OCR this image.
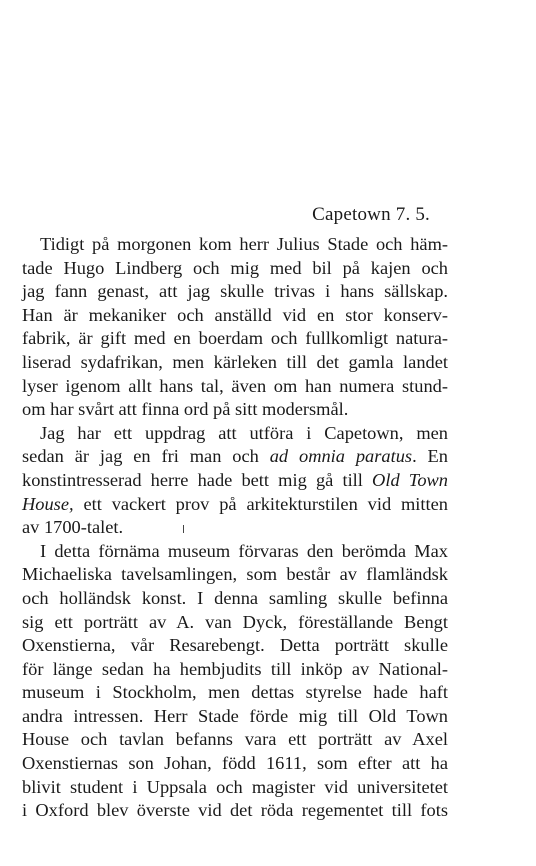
Capetown 7. 5.
Tidigt på morgonen kom herr Julius Stade och häm-
tade Hugo Lindberg och mig med bil på kajen och
jag fann genast, att jag skulle trivas i hans sällskap.
Han är mekaniker och anställd vid en stor konserv-
fabrik, är gift med en boerdam och fullkomligt natura-
liserad sydafrikan, men kärleken till det gamla landet
lyser igenom allt hans tal, även om han numera stund-
om har svårt att finna ord på sitt modersmål.
Jag har ett uppdrag att utföra i Capetown, men
sedan är jag en fri man och ad omnia paratus. En
konstintresserad herre hade bett mig gå till Old Town
House, ett vackert prov på arkitekturstilen vid mitten
av 1700-talet.
I detta förnäma museum förvaras den berömda Max
Michaeliska tavelsamlingen, som består av flamländsk
och holländsk konst. I denna samling skulle befinna
sig ett porträtt av A. van Dyck, föreställande Bengt
Oxenstierna, vår Resarebengt. Detta porträtt skulle
för länge sedan ha hembjudits till inköp av National-
museum i Stockholm, men dettas styrelse hade haft
andra intressen. Herr Stade förde mig till Old Town
House och tavlan befanns vara ett porträtt av Axel
Oxenstiernas son Johan, född 1611, som efter att ha
blivit student i Uppsala och magister vid universitetet
i Oxford blev överste vid det röda regementet till fots
